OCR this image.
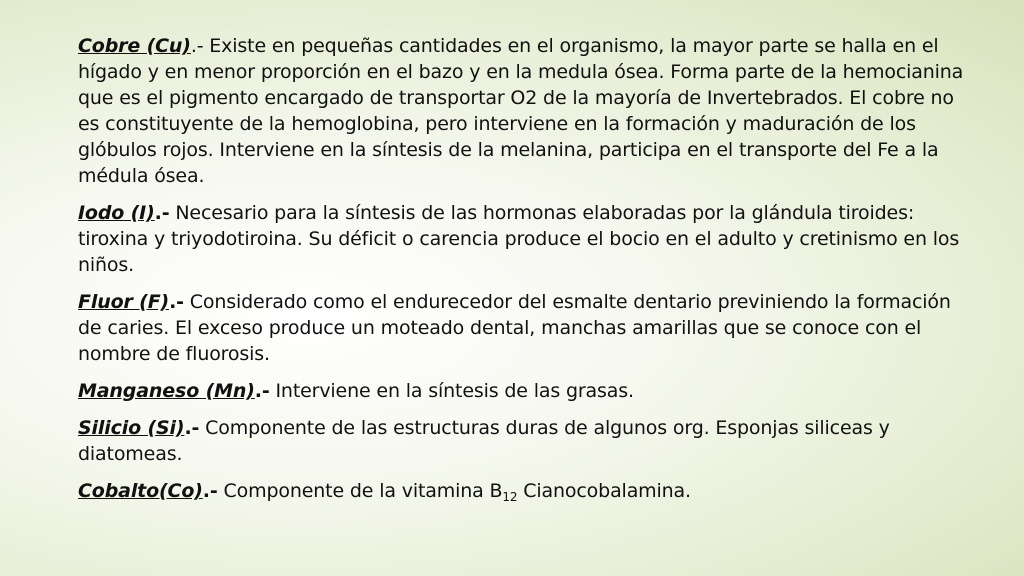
Cobre (Cu).- Existe en pequeñas cantidades en el organismo, la mayor parte se halla en el hígado y en menor proporción en el bazo y en la medula ósea. Forma parte de la hemocianina que es el pigmento encargado de transportar O2 de la mayoría de Invertebrados. El cobre no es constituyente de la hemoglobina, pero interviene en la formación y maduración de los glóbulos rojos. Interviene en la síntesis de la melanina, participa en el transporte del Fe a la médula ósea.

Iodo (I).- Necesario para la síntesis de las hormonas elaboradas por la glándula tiroides: tiroxina y triyodotiroina. Su déficit o carencia produce el bocio en el adulto y cretinismo en los niños.

Fluor (F).- Considerado como el endurecedor del esmalte dentario previniendo la formación de caries. El exceso produce un moteado dental, manchas amarillas que se conoce con el nombre de fluorosis.

Manganeso (Mn).- Interviene en la síntesis de las grasas.

Silicio (Si).- Componente de las estructuras duras de algunos org. Esponjas siliceas y diatomeas.

Cobalto(Co).- Componente de la vitamina $B_{12}$ Cianocobalamina.
